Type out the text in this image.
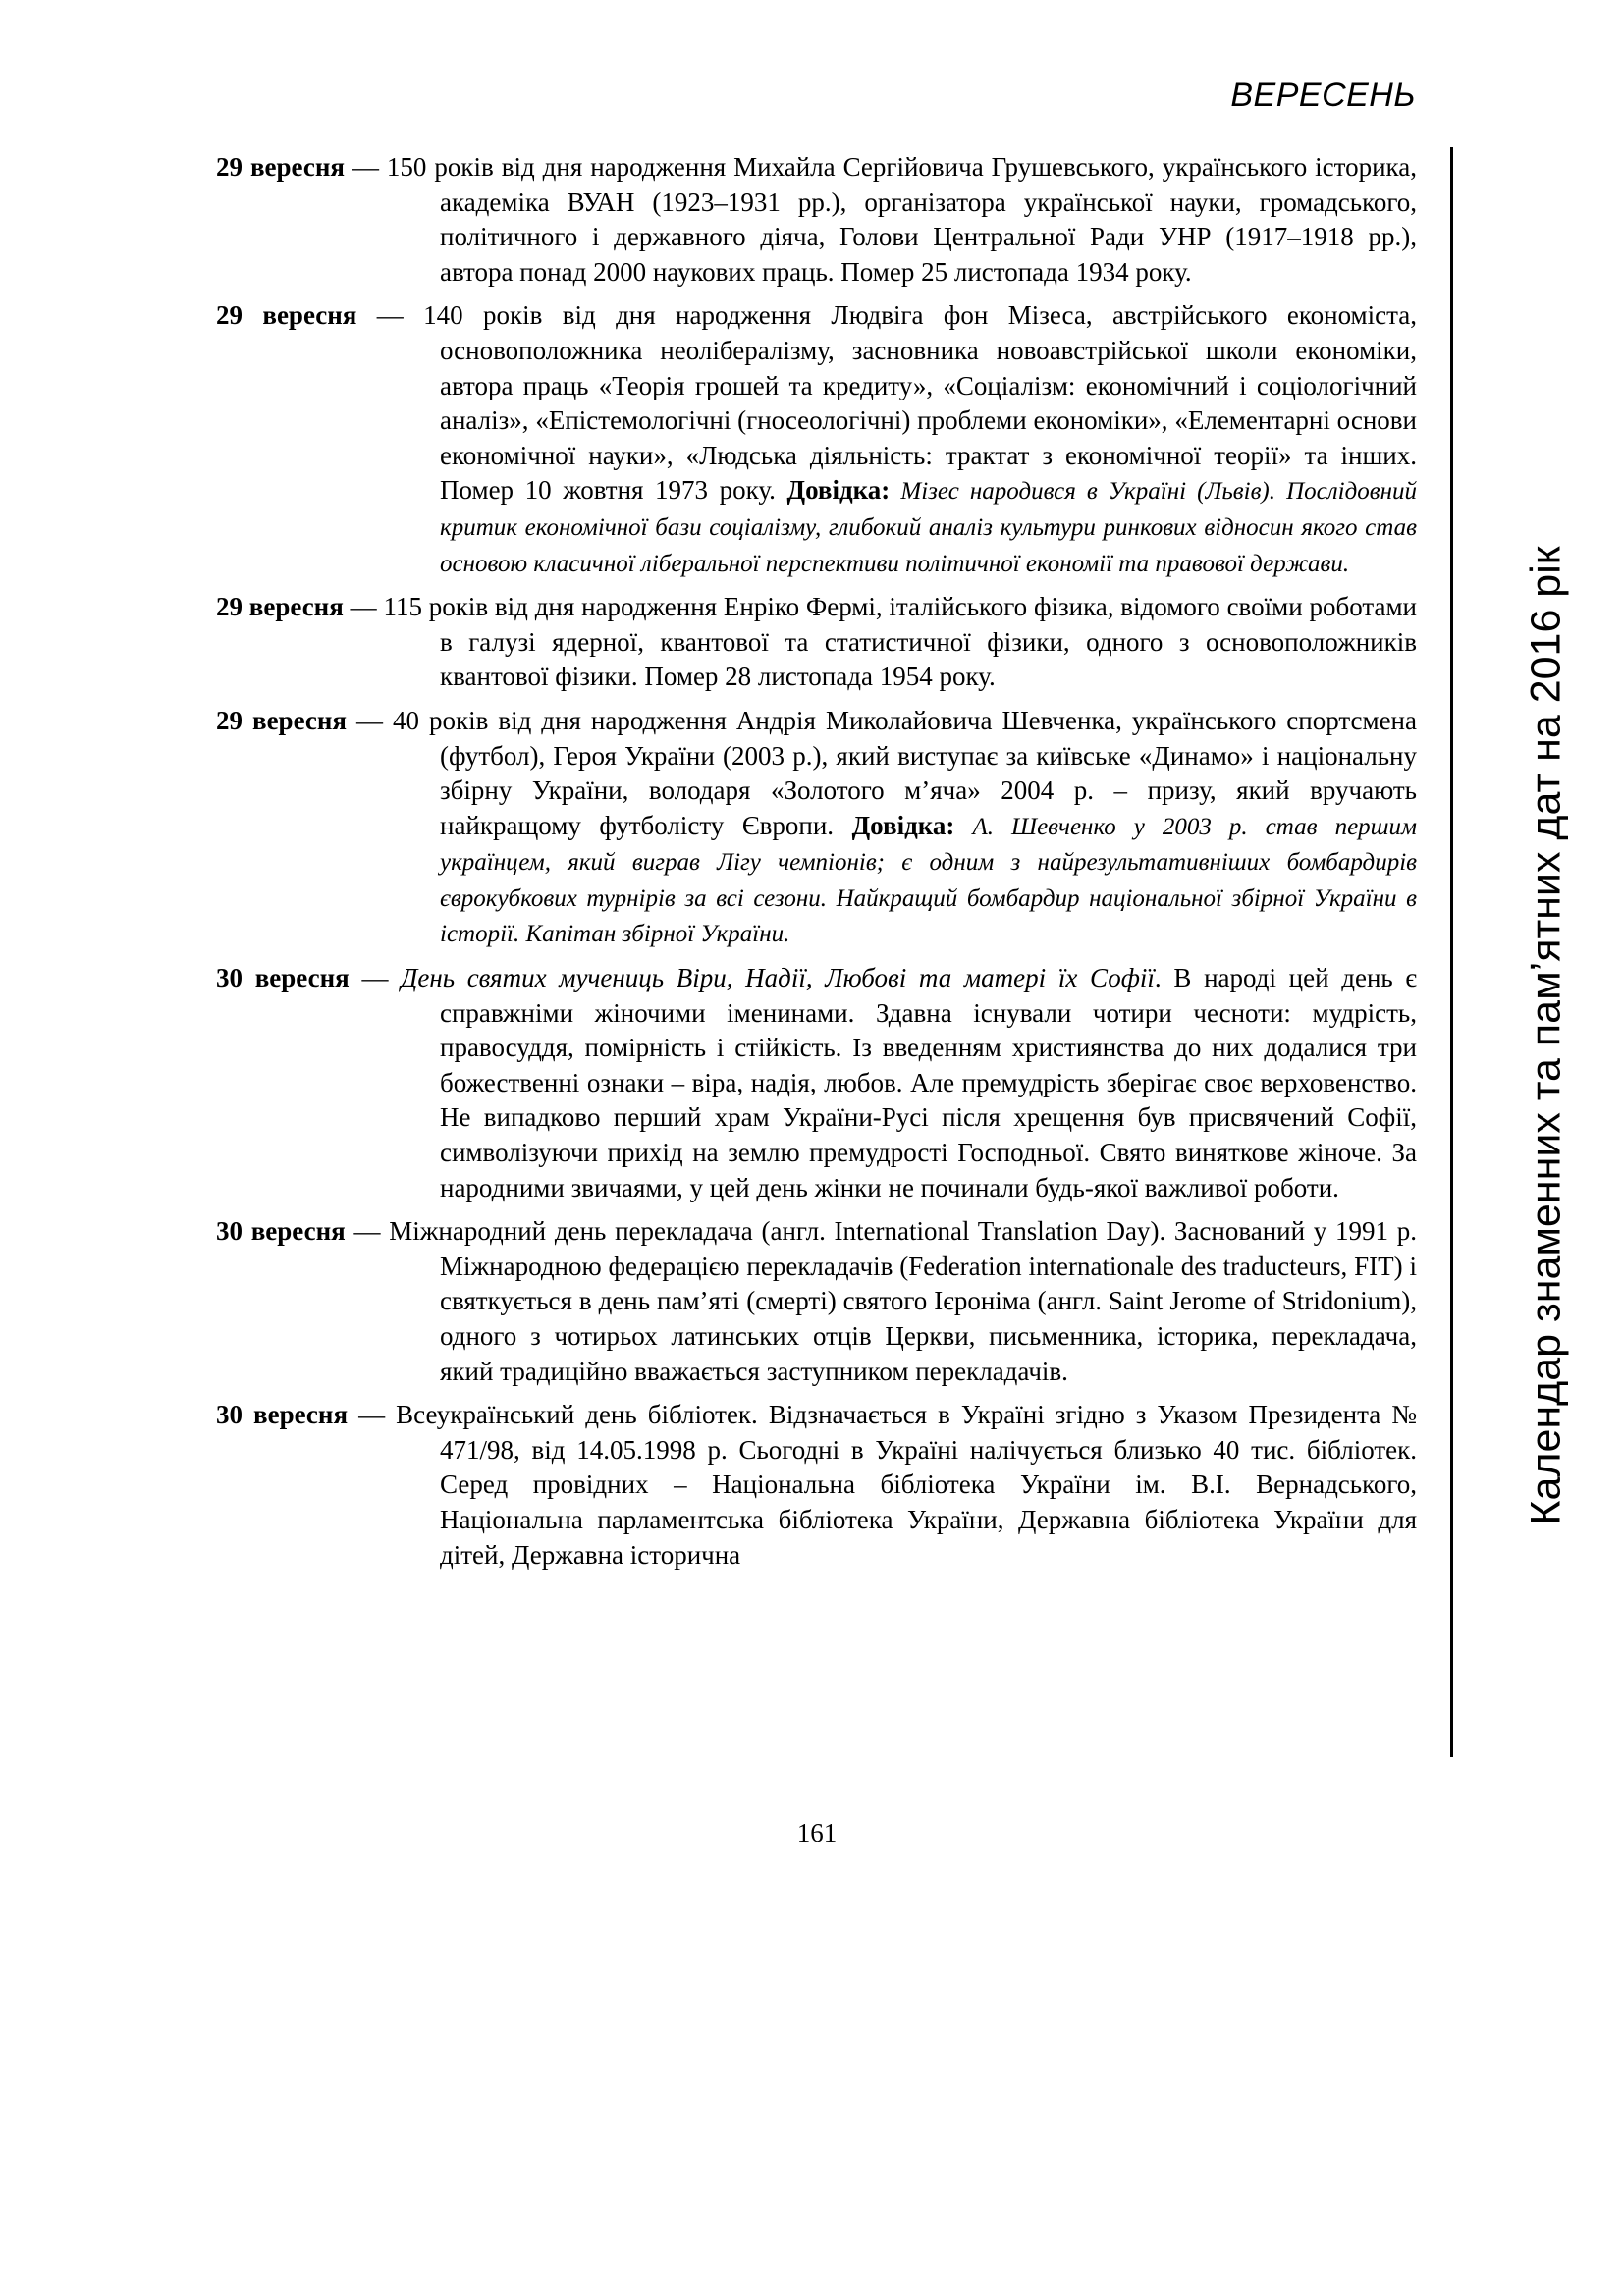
ВЕРЕСЕНЬ

29 вересня — 150 років від дня народження Михайла Сергійовича Грушевського, українського історика, академіка ВУАН (1923–1931 рр.), організатора української науки, громадського, політичного і державного діяча, Голови Центральної Ради УНР (1917–1918 рр.), автора понад 2000 наукових праць. Помер 25 листопада 1934 року.

29 вересня — 140 років від дня народження Людвіга фон Мізеса, австрійського економіста, основоположника неолібералізму, засновника новоавстрійської школи економіки, автора праць «Теорія грошей та кредиту», «Соціалізм: економічний і соціологічний аналіз», «Епістемологічні (гносеологічні) проблеми економіки», «Елементарні основи економічної науки», «Людська діяльність: трактат з економічної теорії» та інших. Помер 10 жовтня 1973 року. Довідка: Мізес народився в Україні (Львів). Послідовний критик економічної бази соціалізму, глибокий аналіз культури ринкових відносин якого став основою класичної ліберальної перспективи політичної економії та правової держави.

29 вересня — 115 років від дня народження Енріко Фермі, італійського фізика, відомого своїми роботами в галузі ядерної, квантової та статистичної фізики, одного з основоположників квантової фізики. Помер 28 листопада 1954 року.

29 вересня — 40 років від дня народження Андрія Миколайовича Шевченка, українського спортсмена (футбол), Героя України (2003 р.), який виступає за київське «Динамо» і національну збірну України, володаря «Золотого м’яча» 2004 р. – призу, який вручають найкращому футболісту Європи. Довідка: А. Шевченко у 2003 р. став першим українцем, який виграв Лігу чемпіонів; є одним з найрезультативніших бомбардирів єврокубкових турнірів за всі сезони. Найкращий бомбардир національної збірної України в історії. Капітан збірної України.

30 вересня — День святих мучениць Віри, Надії, Любові та матері їх Софії. В народі цей день є справжніми жіночими іменинами. Здавна існували чотири чесноти: мудрість, правосуддя, помірність і стійкість. Із введенням християнства до них додалися три божественні ознаки – віра, надія, любов. Але премудрість зберігає своє верховенство. Не випадково перший храм України-Русі після хрещення був присвячений Софії, символізуючи прихід на землю премудрості Господньої. Свято виняткове жіноче. За народними звичаями, у цей день жінки не починали будь-якої важливої роботи.

30 вересня — Міжнародний день перекладача (англ. International Translation Day). Заснований у 1991 р. Міжнародною федерацією перекладачів (Federation internationale des traducteurs, FIT) і святкується в день пам’яті (смерті) святого Ієроніма (англ. Saint Jerome of Stridonium), одного з чотирьох латинських отців Церкви, письменника, історика, перекладача, який традиційно вважається заступником перекладачів.

30 вересня — Всеукраїнський день бібліотек. Відзначається в Україні згідно з Указом Президента № 471/98, від 14.05.1998 р. Сьогодні в Україні налічується близько 40 тис. бібліотек. Серед провідних – Національна бібліотека України ім. В.І. Вернадського, Національна парламентська бібліотека України, Державна бібліотека України для дітей, Державна історична

Календар знаменних та пам’ятних дат на 2016 рік
161
